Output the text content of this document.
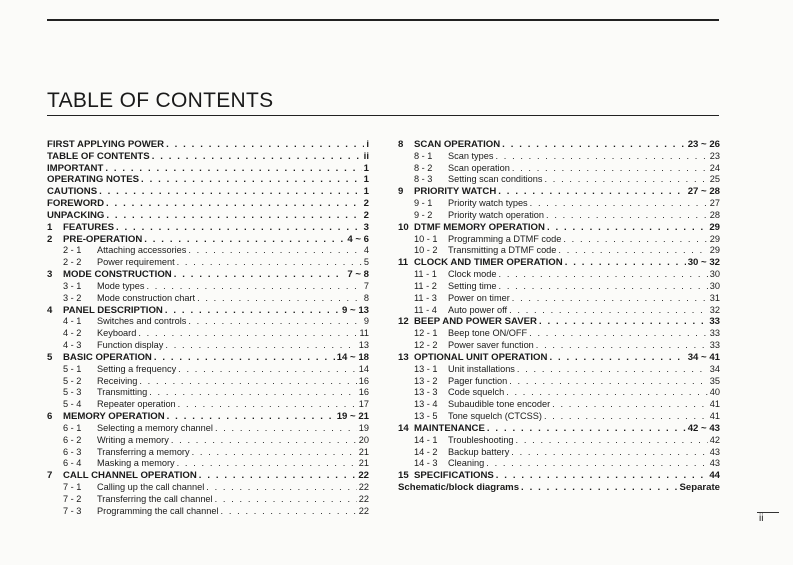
TABLE OF CONTENTS
FIRST APPLYING POWER . . .	i
TABLE OF CONTENTS . . .	ii
IMPORTANT . . .	1
OPERATING NOTES . . .	1
CAUTIONS . . .	1
FOREWORD . . .	2
UNPACKING . . .	2
1	FEATURES . . .	3
2	PRE-OPERATION . . .	4 ~ 6
2 - 1	Attaching accessories . . .	4
2 - 2	Power requirement . . .	5
3	MODE CONSTRUCTION . . .	7 ~ 8
3 - 1	Mode types . . .	7
3 - 2	Mode construction chart . . .	8
4	PANEL DESCRIPTION . . .	9 ~ 13
4 - 1	Switches and controls . . .	9
4 - 2	Keyboard . . .	11
4 - 3	Function display . . .	13
5	BASIC OPERATION . . .	14 ~ 18
5 - 1	Setting a frequency . . .	14
5 - 2	Receiving . . .	16
5 - 3	Transmitting . . .	16
5 - 4	Repeater operation . . .	17
6	MEMORY OPERATION . . .	19 ~ 21
6 - 1	Selecting a memory channel . . .	19
6 - 2	Writing a memory . . .	20
6 - 3	Transferring a memory . . .	21
6 - 4	Masking a memory . . .	21
7	CALL CHANNEL OPERATION . . .	22
7 - 1	Calling up the call channel . . .	22
7 - 2	Transferring the call channel . . .	22
7 - 3	Programming the call channel . . .	22
8	SCAN OPERATION . . .	23 ~ 26
8 - 1	Scan types . . .	23
8 - 2	Scan operation . . .	24
8 - 3	Setting scan conditions . . .	25
9	PRIORITY WATCH . . .	27 ~ 28
9 - 1	Priority watch types . . .	27
9 - 2	Priority watch operation . . .	28
10 DTMF MEMORY OPERATION . . .	29
10 - 1	Programming a DTMF code . . .	29
10 - 2	Transmitting a DTMF code . . .	29
11 CLOCK AND TIMER OPERATION . . .	30 ~ 32
11 - 1	Clock mode . . .	30
11 - 2	Setting time . . .	30
11 - 3	Power on timer . . .	31
11 - 4	Auto power off . . .	32
12 BEEP AND POWER SAVER . . .	33
12 - 1	Beep tone ON/OFF . . .	33
12 - 2	Power saver function . . .	33
13 OPTIONAL UNIT OPERATION . . .	34 ~ 41
13 - 1	Unit installations . . .	34
13 - 2	Pager function . . .	35
13 - 3	Code squelch . . .	40
13 - 4	Subaudible tone encoder . . .	41
13 - 5	Tone squelch (CTCSS) . . .	41
14 MAINTENANCE . . .	42 ~ 43
14 - 1	Troubleshooting . . .	42
14 - 2	Backup battery . . .	43
14 - 3	Cleaning . . .	43
15 SPECIFICATIONS . . .	44
Schematic/block diagrams . . .	Separate
ii
